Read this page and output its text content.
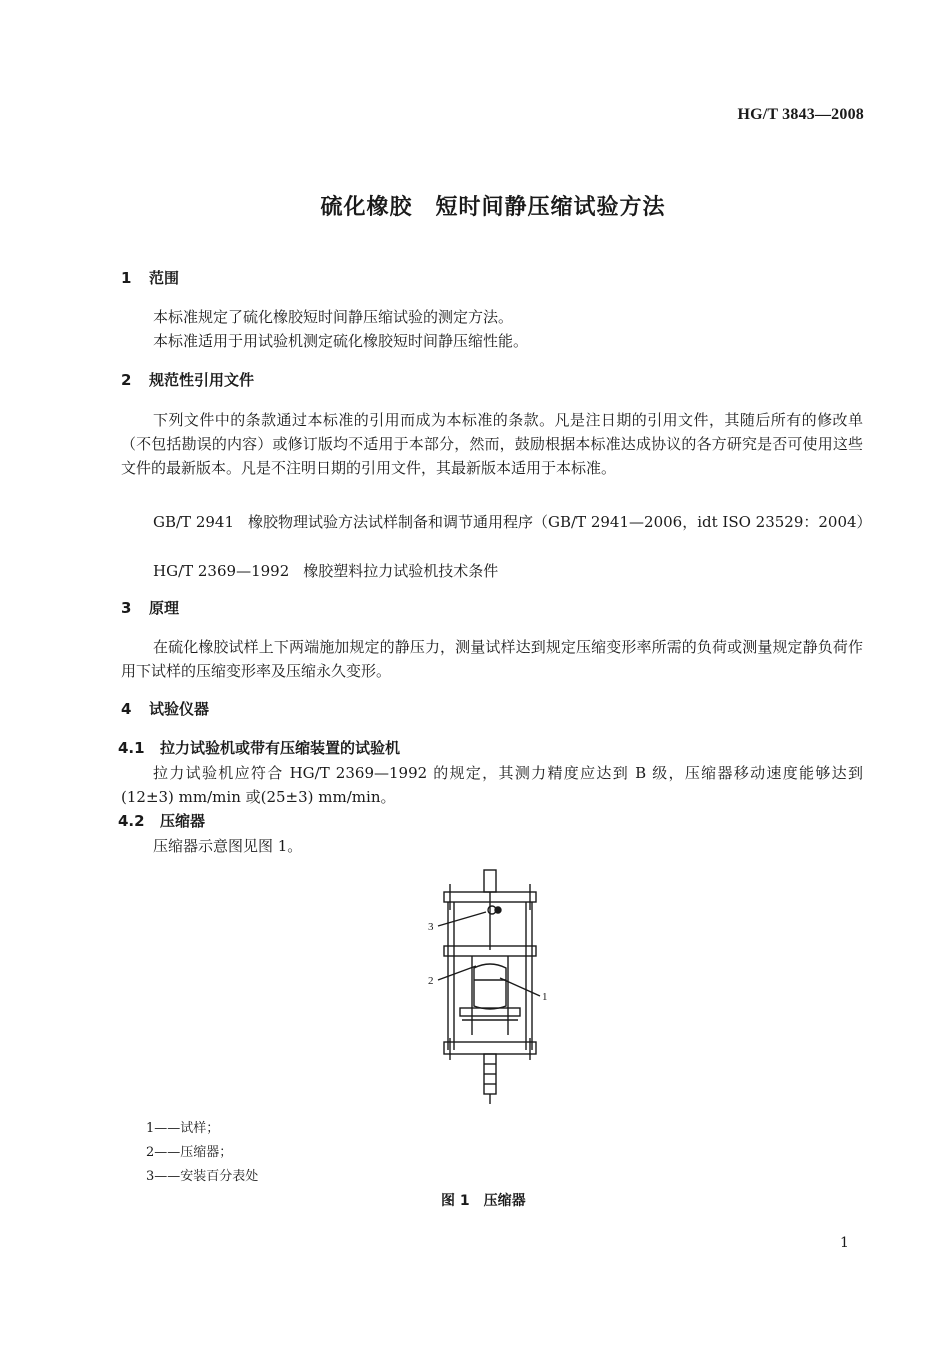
HG/T 3843—2008
硫化橡胶　短时间静压缩试验方法
1 范围
本标准规定了硫化橡胶短时间静压缩试验的测定方法。
本标准适用于用试验机测定硫化橡胶短时间静压缩性能。
2 规范性引用文件
下列文件中的条款通过本标准的引用而成为本标准的条款。凡是注日期的引用文件，其随后所有的修改单（不包括勘误的内容）或修订版均不适用于本部分，然而，鼓励根据本标准达成协议的各方研究是否可使用这些文件的最新版本。凡是不注明日期的引用文件，其最新版本适用于本标准。
GB/T 2941 橡胶物理试验方法试样制备和调节通用程序（GB/T 2941—2006，idt ISO 23529：2004）
HG/T 2369—1992 橡胶塑料拉力试验机技术条件
3 原理
在硫化橡胶试样上下两端施加规定的静压力，测量试样达到规定压缩变形率所需的负荷或测量规定静负荷作用下试样的压缩变形率及压缩永久变形。
4 试验仪器
4.1 拉力试验机或带有压缩装置的试验机
拉力试验机应符合 HG/T 2369—1992 的规定，其测力精度应达到 B 级，压缩器移动速度能够达到(12±3) mm/min 或(25±3) mm/min。
4.2 压缩器
压缩器示意图见图 1。
3
2
1
1——试样；
2——压缩器；
3——安装百分表处
图 1　压缩器
1
